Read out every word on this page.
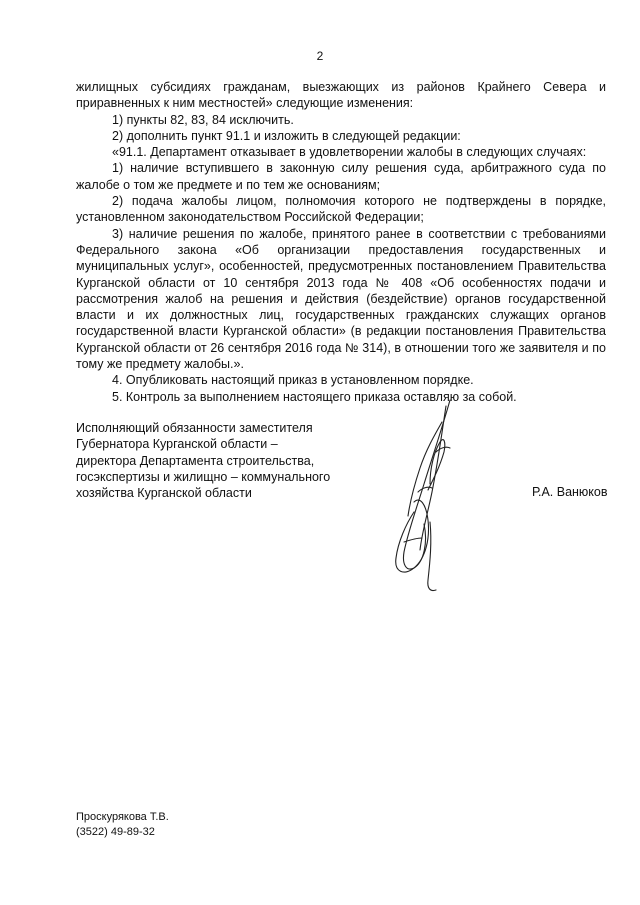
2

жилищных субсидиях гражданам, выезжающих из районов Крайнего Севера и приравненных к ним местностей» следующие изменения:

1) пункты 82, 83, 84 исключить.

2) дополнить пункт 91.1 и изложить в следующей редакции:

«91.1. Департамент отказывает в удовлетворении жалобы в следующих случаях:

1) наличие вступившего в законную силу решения суда, арбитражного суда по жалобе о том же предмете и по тем же основаниям;

2) подача жалобы лицом, полномочия которого не подтверждены в порядке, установленном законодательством Российской Федерации;

3) наличие решения по жалобе, принятого ранее в соответствии с требованиями Федерального закона «Об организации предоставления государственных и муниципальных услуг», особенностей, предусмотренных постановлением Правительства Курганской области от 10 сентября 2013 года № 408 «Об особенностях подачи и рассмотрения жалоб на решения и действия (бездействие) органов государственной власти и их должностных лиц, государственных гражданских служащих органов государственной власти Курганской области» (в редакции постановления Правительства Курганской области от 26 сентября 2016 года № 314), в отношении того же заявителя и по тому же предмету жалобы.».

4. Опубликовать настоящий приказ в установленном порядке.

5. Контроль за выполнением настоящего приказа оставляю за собой.

Исполняющий обязанности заместителя
Губернатора Курганской области –
директора Департамента строительства,
госэкспертизы и жилищно – коммунального
хозяйства Курганской области	Р.А. Ванюков
Проскурякова Т.В.
(3522) 49-89-32
